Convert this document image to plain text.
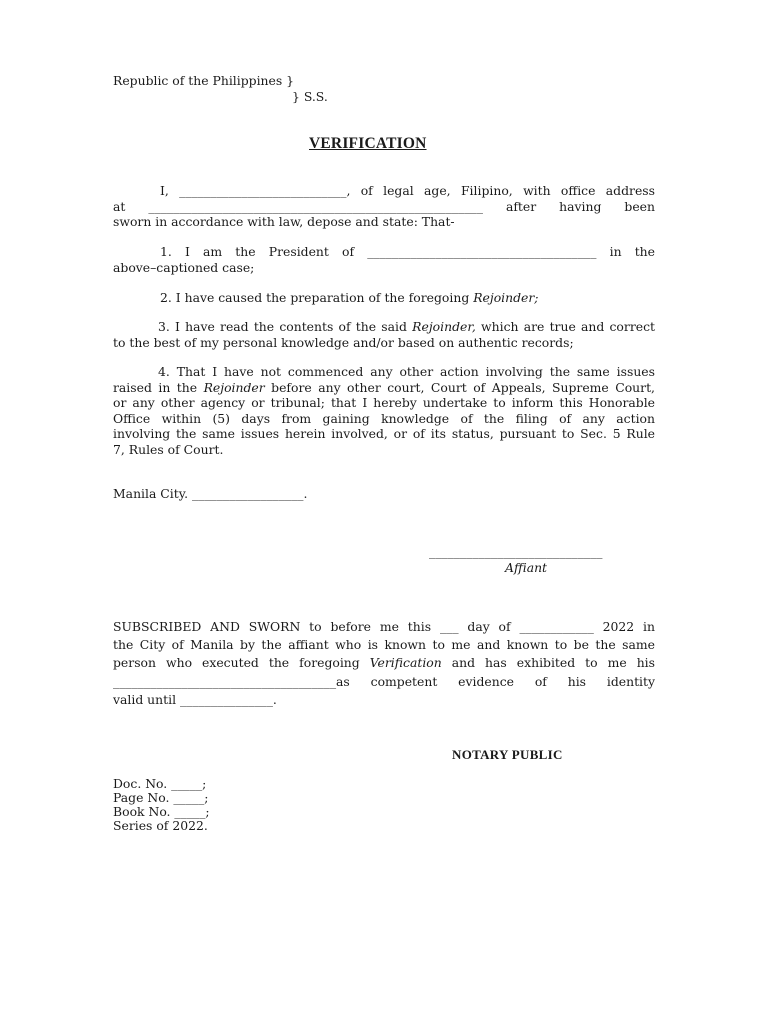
Republic of the Philippines }
} S.S.
VERIFICATION
I, ___________________________, of legal age, Filipino, with office address
at ______________________________________________________ after having been
sworn in accordance with law, depose and state: That-
1. I am the President of _____________________________________ in the
above–captioned case;
2. I have caused the preparation of the foregoing Rejoinder;
3. I have read the contents of the said Rejoinder, which are true and correct
to the best of my personal knowledge and/or based on authentic records;
4. That I have not commenced any other action involving the same issues
raised in the Rejoinder before any other court, Court of Appeals, Supreme Court,
or any other agency or tribunal; that I hereby undertake to inform this Honorable
Office within (5) days from gaining knowledge of the filing of any action
involving the same issues herein involved, or of its status, pursuant to Sec. 5 Rule
7, Rules of Court.
Manila City. __________________.
____________________________
Affiant
SUBSCRIBED AND SWORN to before me this ___ day of ____________ 2022 in
the City of Manila by the affiant who is known to me and known to be the same
person who executed the foregoing Verification and has exhibited to me his
____________________________________as competent evidence of his identity
valid until _______________.
NOTARY PUBLIC
Doc. No. _____;
Page No. _____;
Book No. _____;
Series of 2022.
